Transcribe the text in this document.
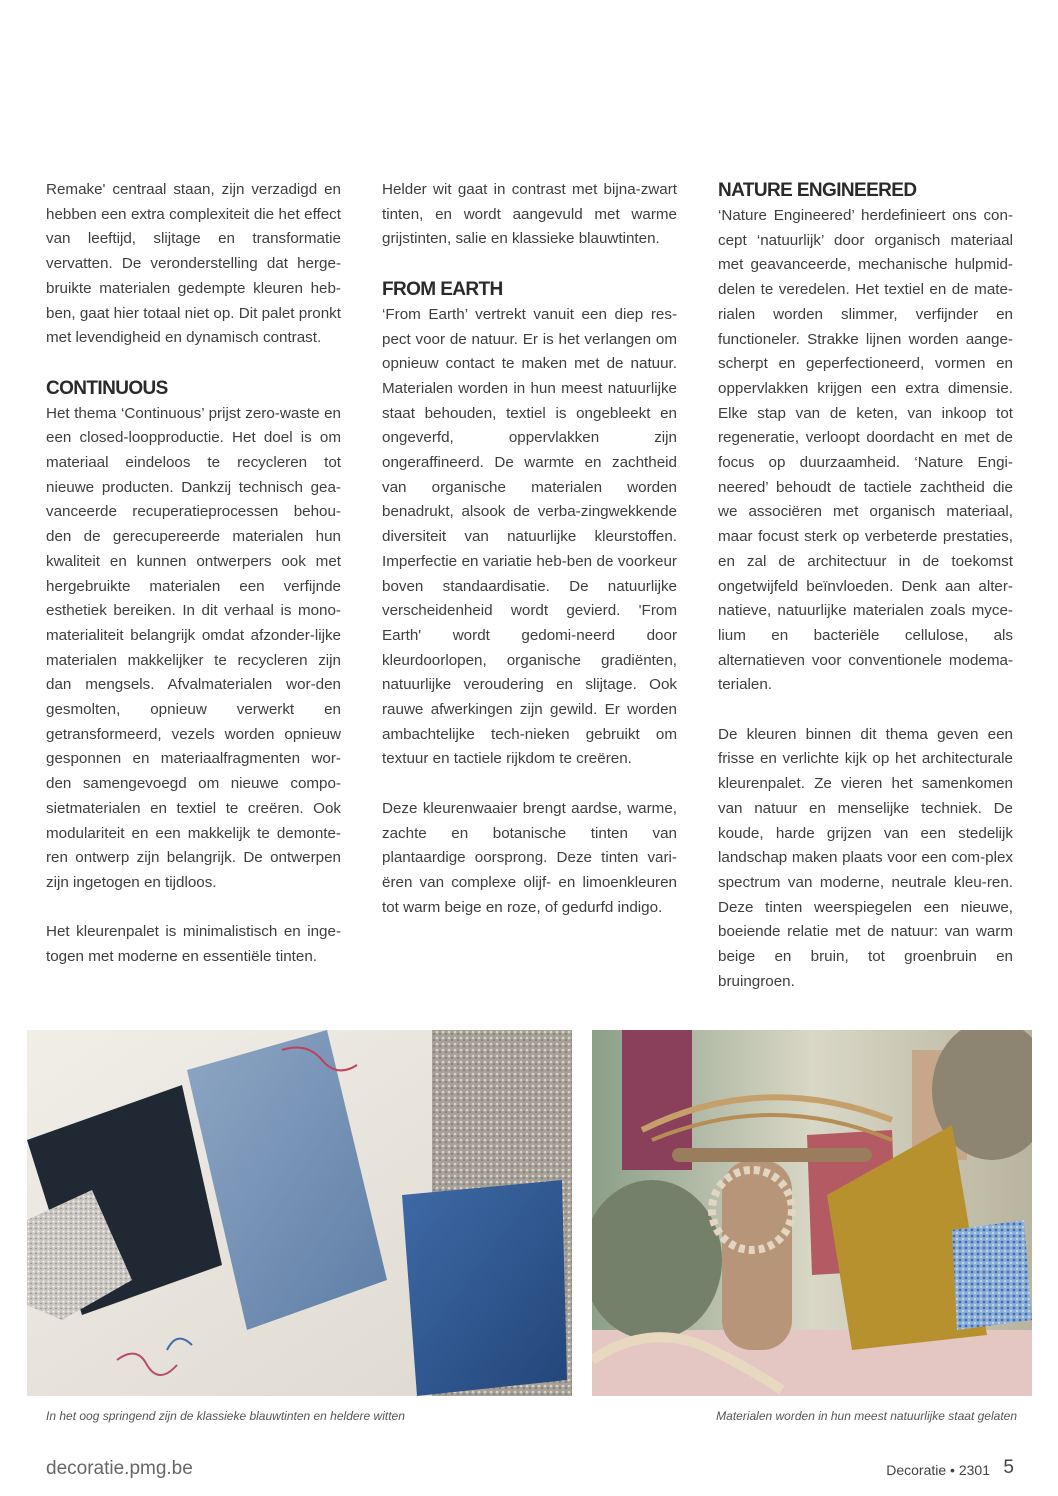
Remake' centraal staan, zijn verzadigd en hebben een extra complexiteit die het effect van leeftijd, slijtage en transformatie vervatten. De veronderstelling dat herge-bruikte materialen gedempte kleuren heb-ben, gaat hier totaal niet op. Dit palet pronkt met levendigheid en dynamisch contrast.

CONTINUOUS

Het thema ‘Continuous’ prijst zero-waste en een closed-loopproductie. Het doel is om materiaal eindeloos te recycleren tot nieuwe producten. Dankzij technisch gea-vanceerde recuperatieprocessen behou-den de gerecupereerde materialen hun kwaliteit en kunnen ontwerpers ook met hergebruikte materialen een verfijnde esthetiek bereiken. In dit verhaal is mono-materialiteit belangrijk omdat afzonder-lijke materialen makkelijker te recycleren zijn dan mengsels. Afvalmaterialen wor-den gesmolten, opnieuw verwerkt en getransformeerd, vezels worden opnieuw gesponnen en materiaalfragmenten wor-den samengevoegd om nieuwe compo-sietmaterialen en textiel te creëren. Ook modulariteit en een makkelijk te demonte-ren ontwerp zijn belangrijk. De ontwerpen zijn ingetogen en tijdloos.

Het kleurenpalet is minimalistisch en inge-togen met moderne en essentiële tinten.

Helder wit gaat in contrast met bijna-zwart tinten, en wordt aangevuld met warme grijstinten, salie en klassieke blauwtinten.

FROM EARTH

‘From Earth’ vertrekt vanuit een diep res-pect voor de natuur. Er is het verlangen om opnieuw contact te maken met de natuur. Materialen worden in hun meest natuurlijke staat behouden, textiel is ongebleekt en ongeverfd, oppervlakken zijn ongeraffineerd. De warmte en zachtheid van organische materialen worden benadrukt, alsook de verba-zingwekkende diversiteit van natuurlijke kleurstoffen. Imperfectie en variatie heb-ben de voorkeur boven standaardisatie. De natuurlijke verscheidenheid wordt gevierd. 'From Earth' wordt gedomi-neerd door kleurdoorlopen, organische gradiënten, natuurlijke veroudering en slijtage. Ook rauwe afwerkingen zijn gewild. Er worden ambachtelijke tech-nieken gebruikt om textuur en tactiele rijkdom te creëren.

Deze kleurenwaaier brengt aardse, warme, zachte en botanische tinten van plantaardige oorsprong. Deze tinten vari-ëren van complexe olijf- en limoenkleuren tot warm beige en roze, of gedurfd indigo.

NATURE ENGINEERED

‘Nature Engineered’ herdefinieert ons con-cept ‘natuurlijk’ door organisch materiaal met geavanceerde, mechanische hulpmid-delen te veredelen. Het textiel en de mate-rialen worden slimmer, verfijnder en functioneler. Strakke lijnen worden aange-scherpt en geperfectioneerd, vormen en oppervlakken krijgen een extra dimensie. Elke stap van de keten, van inkoop tot regeneratie, verloopt doordacht en met de focus op duurzaamheid. ‘Nature Engi-neered’ behoudt de tactiele zachtheid die we associëren met organisch materiaal, maar focust sterk op verbeterde prestaties, en zal de architectuur in de toekomst ongetwijfeld beïnvloeden. Denk aan alter-natieve, natuurlijke materialen zoals myce-lium en bacteriële cellulose, als alternatieven voor conventionele modema-terialen.

De kleuren binnen dit thema geven een frisse en verlichte kijk op het architecturale kleurenpalet. Ze vieren het samenkomen van natuur en menselijke techniek. De koude, harde grijzen van een stedelijk landschap maken plaats voor een com-plex spectrum van moderne, neutrale kleu-ren. Deze tinten weerspiegelen een nieuwe, boeiende relatie met de natuur: van warm beige en bruin, tot groenbruin en bruingroen.

In het oog springend zijn de klassieke blauwtinten en heldere witten	Materialen worden in hun meest natuurlijke staat gelaten
decoratie.pmg.be	Decoratie • 2301 5
